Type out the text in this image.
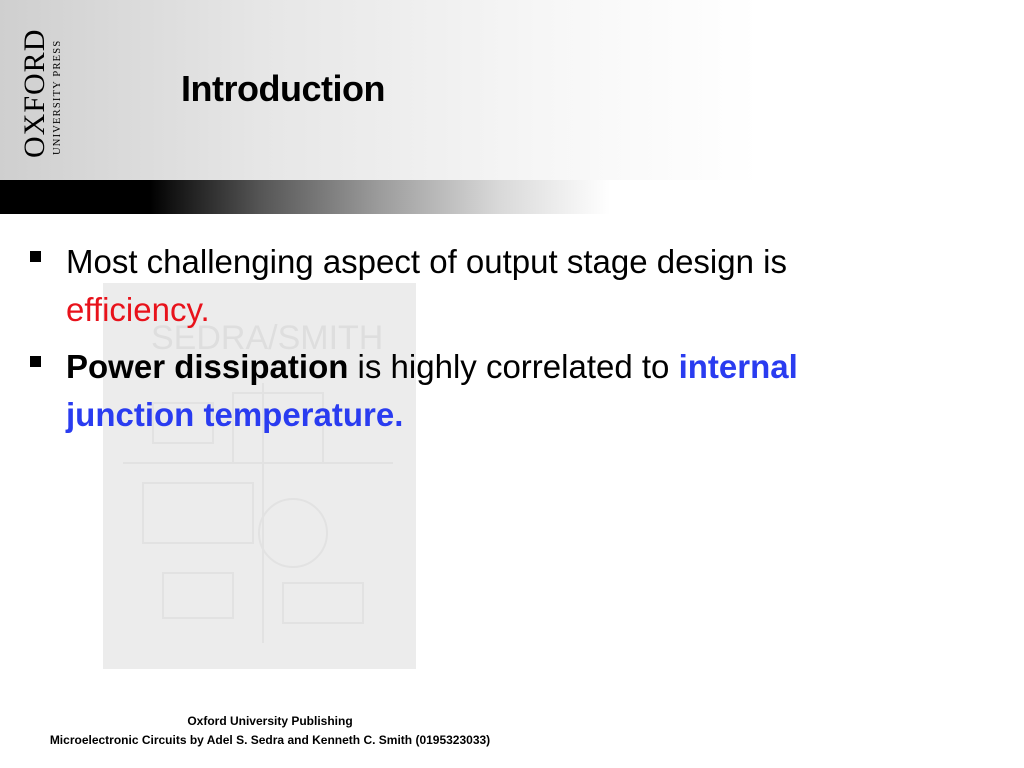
OXFORD UNIVERSITY PRESS	Introduction
SEDRA/SMITH
Most challenging aspect of output stage design is efficiency.
Power dissipation is highly correlated to internal junction temperature.
Oxford University Publishing
Microelectronic Circuits by Adel S. Sedra and Kenneth C. Smith (0195323033)
